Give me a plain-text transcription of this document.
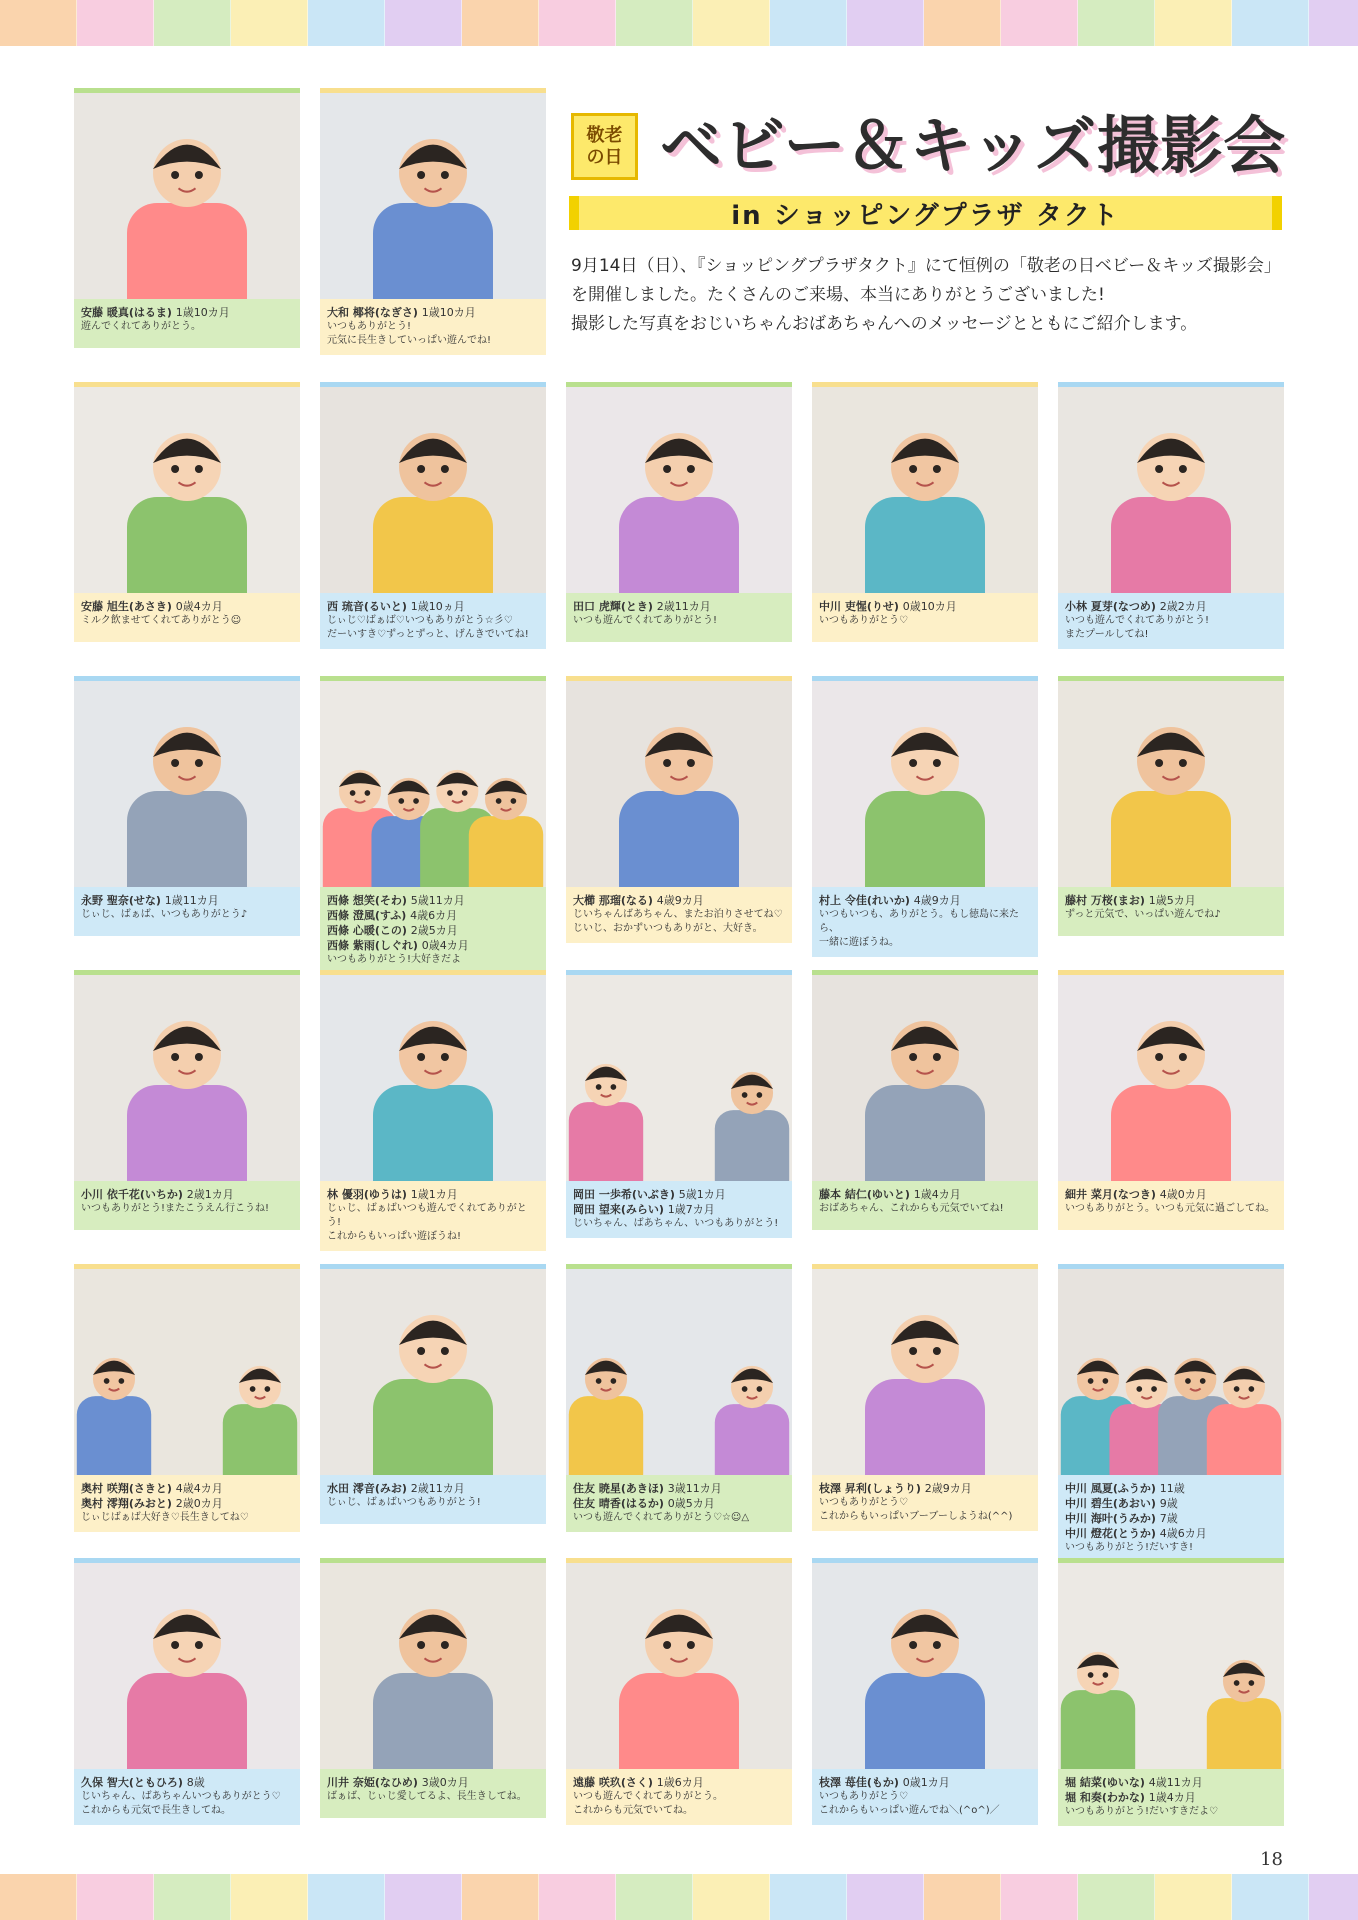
敬老
の日 ベビー＆キッズ撮影会
in ショッピングプラザ タクト
9月14日（日）、『ショッピングプラザタクト』にて恒例の「敬老の日ベビー＆キッズ撮影会」
を開催しました。たくさんのご来場、本当にありがとうございました!
撮影した写真をおじいちゃんおばあちゃんへのメッセージとともにご紹介します。
安藤 暖真(はるま) 1歳10カ月
遊んでくれてありがとう。
大和 椰将(なぎさ) 1歳10カ月
いつもありがとう!
元気に長生きしていっぱい遊んでね!
安藤 旭生(あさき) 0歳4カ月
ミルク飲ませてくれてありがとう☺
西 琉音(るいと) 1歳10ヵ月
じぃじ♡ばぁば♡いつもありがとう☆彡♡
だーいすき♡ずっとずっと、げんきでいてね!
田口 虎輝(とき) 2歳11カ月
いつも遊んでくれてありがとう!
中川 吏惺(りせ) 0歳10カ月
いつもありがとう♡
小林 夏芽(なつめ) 2歳2カ月
いつも遊んでくれてありがとう!
またプールしてね!
永野 聖奈(せな) 1歳11カ月
じぃじ、ばぁば、いつもありがとう♪
西條 想笑(そわ) 5歳11カ月
西條 澄風(すふ) 4歳6カ月
西條 心暖(この) 2歳5カ月
西條 紫雨(しぐれ) 0歳4カ月
いつもありがとう!大好きだよ
大櫛 那瑠(なる) 4歳9カ月
じいちゃんばあちゃん、またお泊りさせてね♡
じいじ、おかずいつもありがと、大好き。
村上 令佳(れいか) 4歳9カ月
いつもいつも、ありがとう。もし徳島に来たら、
一緒に遊ぼうね。
藤村 万桜(まお) 1歳5カ月
ずっと元気で、いっぱい遊んでね♪
小川 依千花(いちか) 2歳1カ月
いつもありがとう!またこうえん行こうね!
林 優羽(ゆうは) 1歳1カ月
じぃじ、ばぁばいつも遊んでくれてありがとう!
これからもいっぱい遊ぼうね!
岡田 一歩希(いぶき) 5歳1カ月
岡田 望来(みらい) 1歳7カ月
じいちゃん、ばあちゃん、いつもありがとう!
藤本 結仁(ゆいと) 1歳4カ月
おばあちゃん、これからも元気でいてね!
細井 菜月(なつき) 4歳0カ月
いつもありがとう。いつも元気に過ごしてね。
奥村 咲翔(さきと) 4歳4カ月
奥村 澪翔(みおと) 2歳0カ月
じぃじばぁば大好き♡長生きしてね♡
水田 澪音(みお) 2歳11カ月
じぃじ、ばぁばいつもありがとう!
住友 暁星(あきほ) 3歳11カ月
住友 晴香(はるか) 0歳5カ月
いつも遊んでくれてありがとう♡☆☺△
枝澤 昇利(しょうり) 2歳9カ月
いつもありがとう♡
これからもいっぱいブーブーしようね(^^)
中川 風夏(ふうか) 11歳
中川 碧生(あおい) 9歳
中川 海叶(うみか) 7歳
中川 燈花(とうか) 4歳6カ月
いつもありがとう!だいすき!
久保 智大(ともひろ) 8歳
じいちゃん、ばあちゃんいつもありがとう♡
これからも元気で長生きしてね。
川井 奈姫(なひめ) 3歳0カ月
ばぁば、じぃじ愛してるよ、長生きしてね。
遠藤 咲玖(さく) 1歳6カ月
いつも遊んでくれてありがとう。
これからも元気でいてね。
枝澤 苺佳(もか) 0歳1カ月
いつもありがとう♡
これからもいっぱい遊んでね＼(^o^)／
堀 結菜(ゆいな) 4歳11カ月
堀 和奏(わかな) 1歳4カ月
いつもありがとう!だいすきだよ♡
18
